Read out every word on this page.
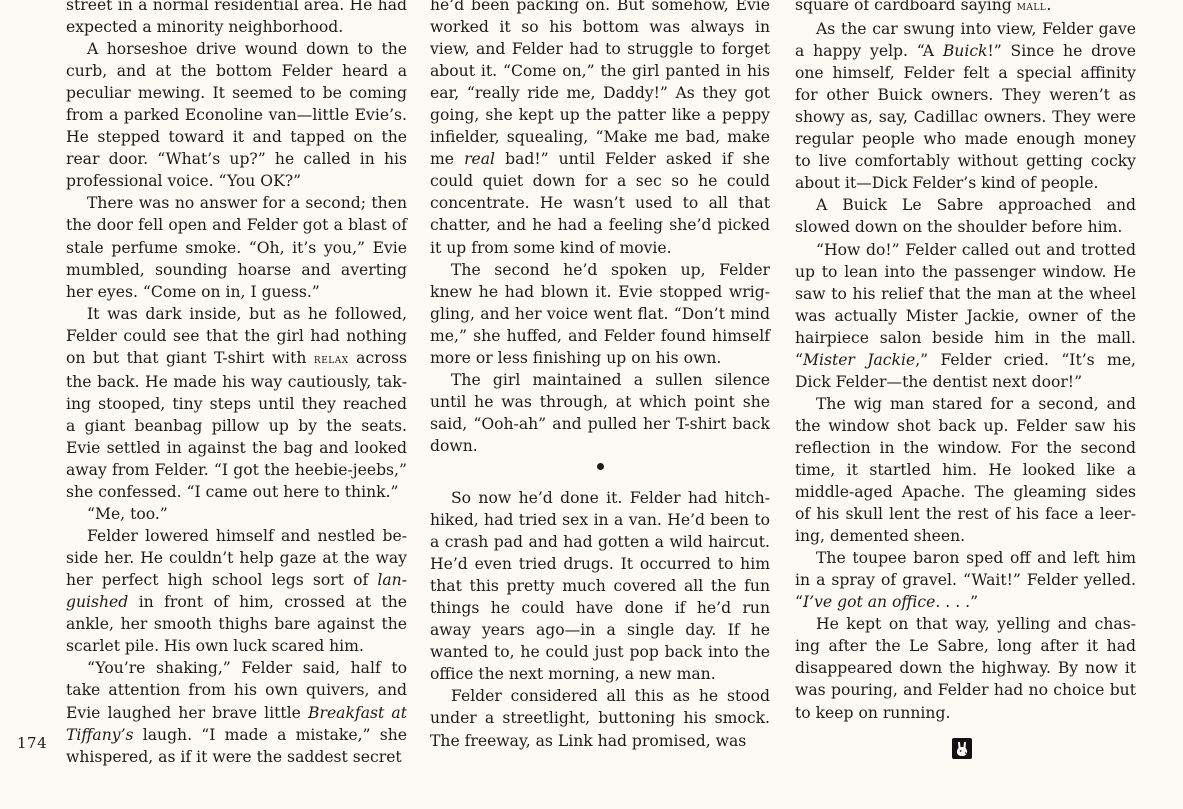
street in a normal residential area. He had expected a minority neighborhood.

A horseshoe drive wound down to the curb, and at the bottom Felder heard a peculiar mewing. It seemed to be coming from a parked Econoline van—little Evie’s. He stepped toward it and tapped on the rear door. “What’s up?” he called in his professional voice. “You OK?”

There was no answer for a second; then the door fell open and Felder got a blast of stale perfume smoke. “Oh, it’s you,” Evie mumbled, sounding hoarse and averting her eyes. “Come on in, I guess.”

It was dark inside, but as he followed, Felder could see that the girl had nothing on but that giant T-shirt with relax across the back. He made his way cautiously, taking stooped, tiny steps until they reached a giant beanbag pillow up by the seats. Evie settled in against the bag and looked away from Felder. “I got the heebie-jeebs,” she confessed. “I came out here to think.”

“Me, too.”

Felder lowered himself and nestled beside her. He couldn’t help gaze at the way her perfect high school legs sort of languished in front of him, crossed at the ankle, her smooth thighs bare against the scarlet pile. His own luck scared him.

“You’re shaking,” Felder said, half to take attention from his own quivers, and Evie laughed her brave little Breakfast at Tiffany’s laugh. “I made a mistake,” she whispered, as if it were the saddest secret

he’d been packing on. But somehow, Evie worked it so his bottom was always in view, and Felder had to struggle to forget about it. “Come on,” the girl panted in his ear, “really ride me, Daddy!” As they got going, she kept up the patter like a peppy infielder, squealing, “Make me bad, make me real bad!” until Felder asked if she could quiet down for a sec so he could concentrate. He wasn’t used to all that chatter, and he had a feeling she’d picked it up from some kind of movie.

The second he’d spoken up, Felder knew he had blown it. Evie stopped wriggling, and her voice went flat. “Don’t mind me,” she huffed, and Felder found himself more or less finishing up on his own.

The girl maintained a sullen silence until he was through, at which point she said, “Ooh-ah” and pulled her T-shirt back down.

So now he’d done it. Felder had hitchhiked, had tried sex in a van. He’d been to a crash pad and had gotten a wild haircut. He’d even tried drugs. It occurred to him that this pretty much covered all the fun things he could have done if he’d run away years ago—in a single day. If he wanted to, he could just pop back into the office the next morning, a new man.

Felder considered all this as he stood under a streetlight, buttoning his smock. The freeway, as Link had promised, was

square of cardboard saying mall.

As the car swung into view, Felder gave a happy yelp. “A Buick!” Since he drove one himself, Felder felt a special affinity for other Buick owners. They weren’t as showy as, say, Cadillac owners. They were regular people who made enough money to live comfortably without getting cocky about it—Dick Felder’s kind of people.

A Buick Le Sabre approached and slowed down on the shoulder before him.

“How do!” Felder called out and trotted up to lean into the passenger window. He saw to his relief that the man at the wheel was actually Mister Jackie, owner of the hairpiece salon beside him in the mall. “Mister Jackie,” Felder cried. “It’s me, Dick Felder—the dentist next door!”

The wig man stared for a second, and the window shot back up. Felder saw his reflection in the window. For the second time, it startled him. He looked like a middle-aged Apache. The gleaming sides of his skull lent the rest of his face a leering, demented sheen.

The toupee baron sped off and left him in a spray of gravel. “Wait!” Felder yelled. “I’ve got an office. . . .”

He kept on that way, yelling and chasing after the Le Sabre, long after it had disappeared down the highway. By now it was pouring, and Felder had no choice but to keep on running.

174
